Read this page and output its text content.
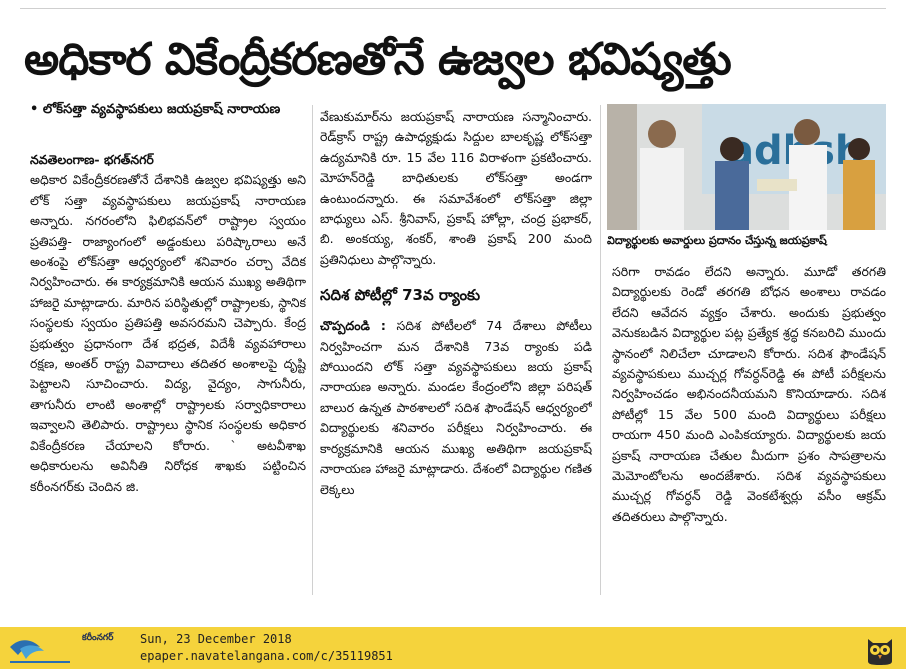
అధికార వికేంద్రీకరణతోనే ఉజ్వల భవిష్యత్తు
• లోక్‌సత్తా వ్యవస్థాపకులు జయప్రకాష్ నారాయణ

నవతెలంగాణ- భగత్‌నగర్

అధికార వికేంద్రీకరణతోనే దేశానికి ఉజ్వల భవిష్యత్తు అని లోక్ సత్తా వ్యవస్థాపకులు జయప్రకాష్ నారాయణ అన్నారు. నగరంలోని ఫిలిభవన్‌లో రాష్ట్రాల స్వయం ప్రతిపత్తి- రాజ్యాంగంలో అడ్డంకులు పరిష్కారాలు అనే అంశంపై లోక్‌సత్తా ఆధ్వర్యంలో శనివారం చర్చా వేదిక నిర్వహించారు. ఈ కార్యక్రమానికి ఆయన ముఖ్య అతిథిగా హాజరై మాట్లాడారు. మారిన పరిస్థితుల్లో రాష్ట్రాలకు, స్థానిక సంస్థలకు స్వయం ప్రతిపత్తి అవసరమని చెప్పారు. కేంద్ర ప్రభుత్వం ప్రధానంగా దేశ భద్రత, విదేశీ వ్యవహారాలు రక్షణ, అంతర్ రాష్ట్ర వివాదాలు తదితర అంశాలపై దృష్టి పెట్టాలని సూచించారు. విద్య, వైద్యం, సాగునీరు, తాగునీరు లాంటి అంశాల్లో రాష్ట్రాలకు సర్వాధికారాలు ఇవ్వాలని తెలిపారు. రాష్ట్రాలు స్థానిక సంస్థలకు అధికార వికేంద్రీకరణ చేయాలని కోరారు. ` అటవీశాఖ అధికారులను అవినీతి నిరోధక శాఖకు పట్టించిన కరీంనగర్‌కు చెందిన జి.

వేణుకుమార్‌ను జయప్రకాష్ నారాయణ సన్మానించారు. రెడ్‌క్రాస్ రాష్ట్ర ఉపాధ్యక్షుడు సిద్దుల బాలకృష్ణ లోక్‌సత్తా ఉద్యమానికి రూ. 15 వేల 116 విరాళంగా ప్రకటించారు. మోహన్‌రెడ్డి బాధితులకు లోక్‌సత్తా అండగా ఉంటుందన్నారు. ఈ సమావేశంలో లోక్‌సత్తా జిల్లా బాధ్యులు ఎస్. శ్రీనివాస్, ప్రకాష్ హోల్లా, చంద్ర ప్రభాకర్, బి. అంకయ్య, శంకర్, శాంతి ప్రకాష్ 200 మంది ప్రతినిధులు పాల్గొన్నారు.

సదిశ పోటీల్లో 73వ ర్యాంకు

చొప్పదండి : సదిశ పోటీలలో 74 దేశాలు పోటీలు నిర్వహించగా మన దేశానికి 73వ ర్యాంకు పడి పోయిందని లోక్ సత్తా వ్యవస్థాపకులు జయ ప్రకాష్ నారాయణ అన్నారు. మండల కేంద్రంలోని జిల్లా పరిషత్ బాలుర ఉన్నత పాఠశాలలో సదిశ ఫౌండేషన్ ఆధ్వర్యంలో విద్యార్థులకు శనివారం పరీక్షలు నిర్వహించారు. ఈ కార్యక్రమానికి ఆయన ముఖ్య అతిథిగా జయప్రకాష్ నారాయణ హాజరై మాట్లాడారు. దేశంలో విద్యార్థుల గణిత లెక్కలు

విద్యార్థులకు అవార్డులు ప్రదానం చేస్తున్న జయప్రకాష్

సరిగా రావడం లేదని అన్నారు. మూడో తరగతి విద్యార్థులకు రెండో తరగతి బోధన అంశాలు రావడం లేదని ఆవేదన వ్యక్తం చేశారు. అందుకు ప్రభుత్వం వెనుకబడిన విద్యార్థుల పట్ల ప్రత్యేక శ్రద్ధ కనబరిచి ముందు స్థానంలో నిలిచేలా చూడాలని కోరారు. సదిశ ఫౌండేషన్ వ్యవస్థాపకులు ముచ్చర్ల గోవర్ధన్‌రెడ్డి ఈ పోటీ పరీక్షలను నిర్వహించడం అభినందనీయమని కొనియాడారు. సదిశ పోటీల్లో 15 వేల 500 మంది విద్యార్థులు పరీక్షలు రాయగా 450 మంది ఎంపికయ్యారు. విద్యార్థులకు జయ ప్రకాష్ నారాయణ చేతుల మీదుగా ప్రశం సాపత్రాలను మెమోంటోలను అందజేశారు. సదిశ వ్యవస్థాపకులు ముచ్చర్ల గోవర్ధన్ రెడ్డి వెంకటేశ్వర్లు వసీం ఆక్రమ్ తదితరులు పాల్గొన్నారు.

కరీంనగర్ Sun, 23 December 2018
epaper.navatelangana.com/c/35119851
